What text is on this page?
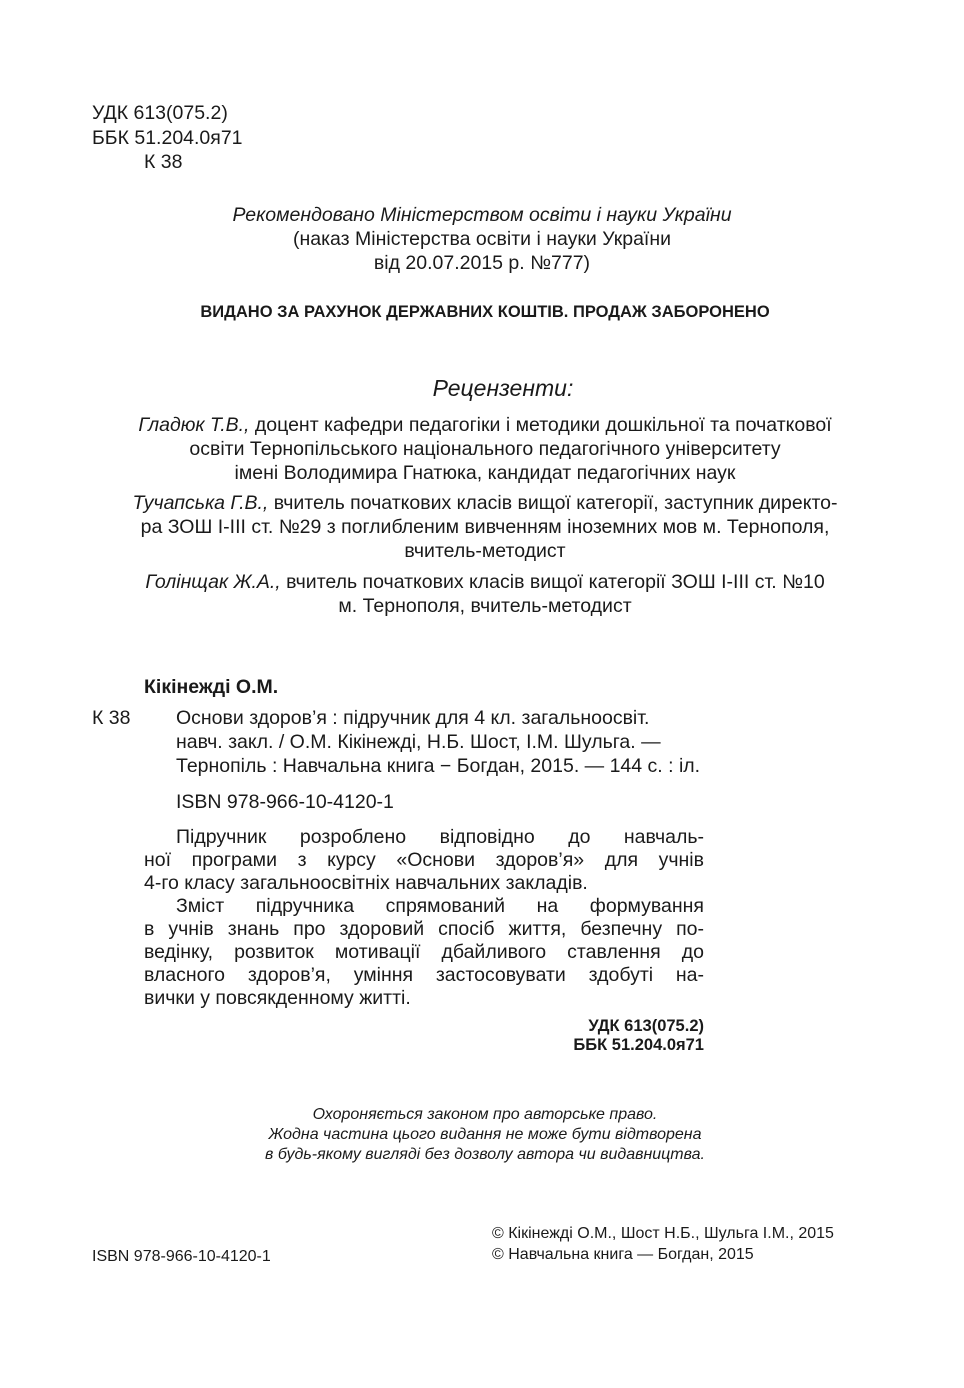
УДК 613(075.2)
ББК 51.204.0я71
К 38
Рекомендовано Міністерством освіти і науки України
(наказ Міністерства освіти і науки України
від 20.07.2015 р. №777)
ВИДАНО ЗА РАХУНОК ДЕРЖАВНИХ КОШТІВ. ПРОДАЖ ЗАБОРОНЕНО
Рецензенти:
Гладюк Т.В., доцент кафедри педагогіки і методики дошкільної та початкової
освіти Тернопільського національного педагогічного університету
імені Володимира Гнатюка, кандидат педагогічних наук
Тучапська Г.В., вчитель початкових класів вищої категорії, заступник директо-
ра ЗОШ І-ІІІ ст. №29 з поглибленим вивченням іноземних мов м. Тернополя,
вчитель-методист
Голінщак Ж.А., вчитель початкових класів вищої категорії ЗОШ І-ІІІ ст. №10
м. Тернополя, вчитель-методист
Кікінежді О.М.
К 38 Основи здоров’я : підручник для 4 кл. загальноосвіт.
навч. закл. / О.М. Кікінежді, Н.Б. Шост, І.М. Шульга. —
Тернопіль : Навчальна книга − Богдан, 2015. — 144 с. : іл.
ISBN 978-966-10-4120-1
Підручник розроблено відповідно до навчаль-
ної програми з курсу «Основи здоров’я» для учнів
4-го класу загальноосвітніх навчальних закладів.
Зміст підручника спрямований на формування
в учнів знань про здоровий спосіб життя, безпечну по-
ведінку, розвиток мотивації дбайливого ставлення до
власного здоров’я, уміння застосовувати здобуті на-
вички у повсякденному житті.
УДК 613(075.2)
ББК 51.204.0я71
Охороняється законом про авторське право.
Жодна частина цього видання не може бути відтворена
в будь-якому вигляді без дозволу автора чи видавництва.
© Кікінежді О.М., Шост Н.Б., Шульга І.М., 2015
© Навчальна книга — Богдан, 2015
ISBN 978-966-10-4120-1
